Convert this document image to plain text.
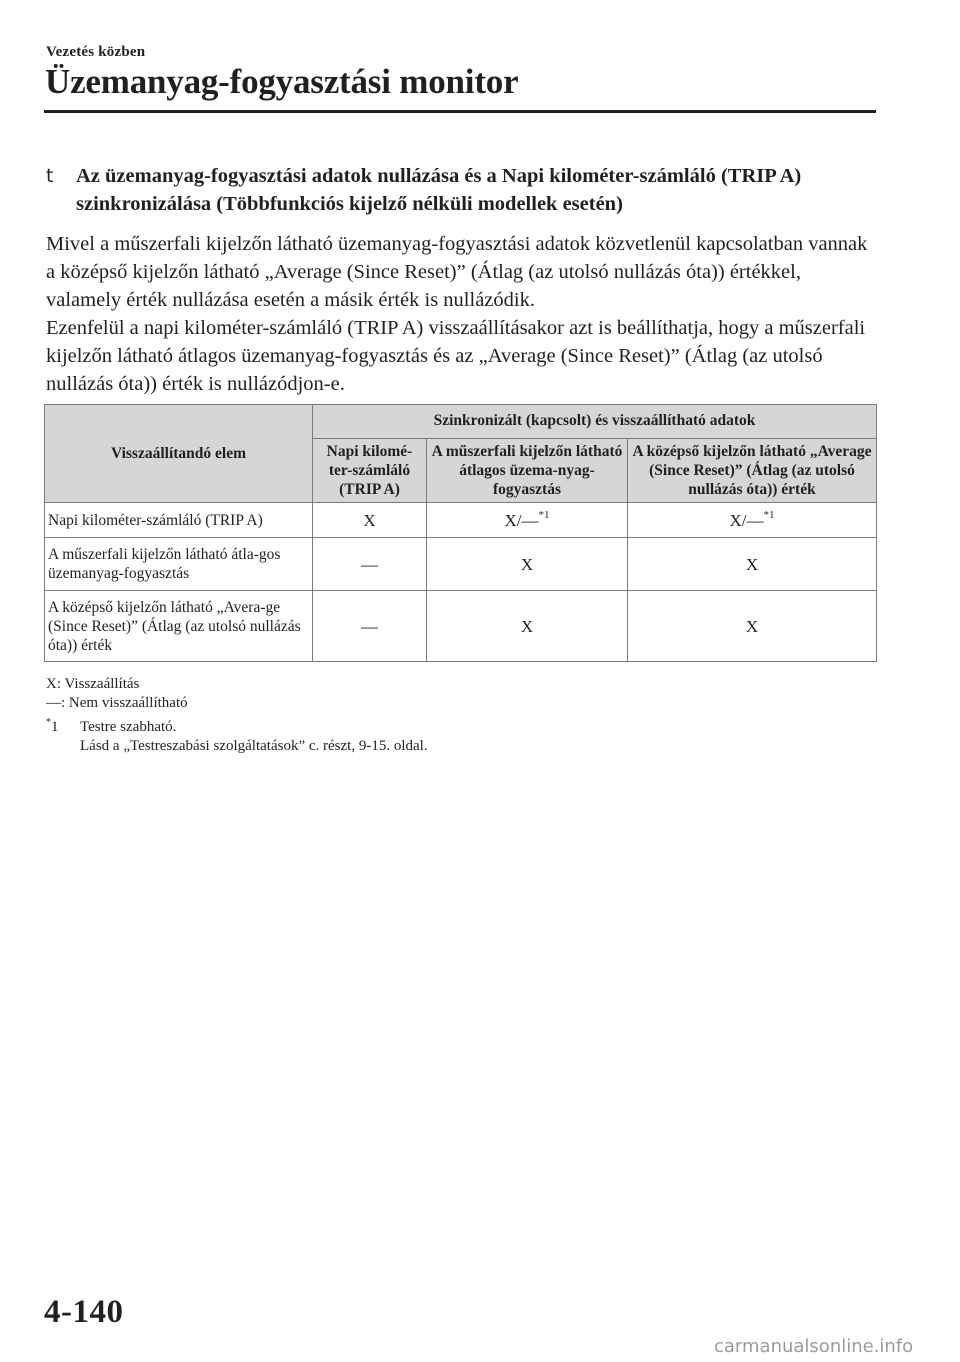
Vezetés közben
Üzemanyag-fogyasztási monitor
t	Az üzemanyag-fogyasztási adatok nullázása és a Napi kilométer-számláló (TRIP A) szinkronizálása (Többfunkciós kijelző nélküli modellek esetén)

Mivel a műszerfali kijelzőn látható üzemanyag-fogyasztási adatok közvetlenül kapcsolatban vannak a középső kijelzőn látható „Average (Since Reset)” (Átlag (az utolsó nullázás óta)) értékkel, valamely érték nullázása esetén a másik érték is nullázódik.

Ezenfelül a napi kilométer-számláló (TRIP A) visszaállításakor azt is beállíthatja, hogy a műszerfali kijelzőn látható átlagos üzemanyag-fogyasztás és az „Average (Since Reset)” (Átlag (az utolsó nullázás óta)) érték is nullázódjon-e.

Visszaállítandó elem	Szinkronizált (kapcsolt) és visszaállítható adatok		
	Napi kilomé-ter-számláló (TRIP A)	A műszerfali kijelzőn látható átlagos üzema-nyag-fogyasztás	A középső kijelzőn látható „Average (Since Reset)” (Átlag (az utolsó nullázás óta)) érték
Napi kilométer-számláló (TRIP A)	X	X/—$^{*1}$	X/—$^{*1}$
A műszerfali kijelzőn látható átla-gos üzemanyag-fogyasztás	—	X	X
A középső kijelzőn látható „Avera-ge (Since Reset)” (Átlag (az utolsó nullázás óta)) érték	—	X	X

X: Visszaállítás

—: Nem visszaállítható

*1 Testre szabható.

Lásd a „Testreszabási szolgáltatások” c. részt, 9-15. oldal.

4-140
carmanualsonline.info
